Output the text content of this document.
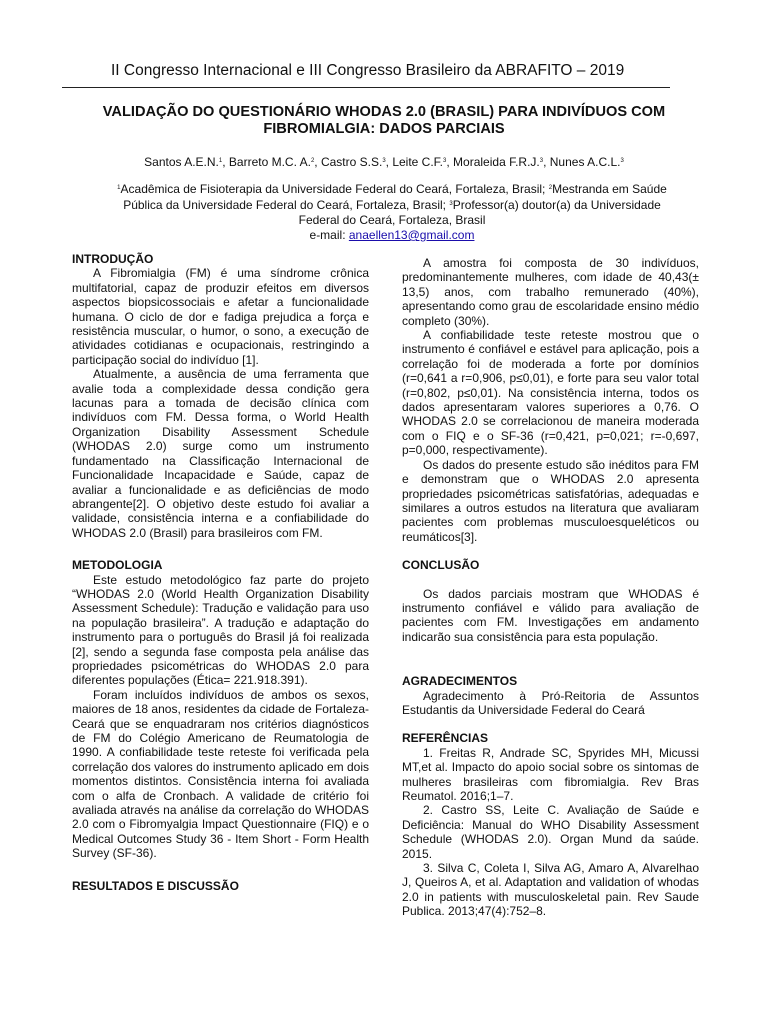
II Congresso Internacional e III Congresso Brasileiro da ABRAFITO – 2019
VALIDAÇÃO DO QUESTIONÁRIO WHODAS 2.0 (BRASIL) PARA INDIVÍDUOS COM FIBROMIALGIA: DADOS PARCIAIS
Santos A.E.N.$^1$, Barreto M.C. A.$^2$, Castro S.S.$^3$, Leite C.F.$^3$, Moraleida F.R.J.$^3$, Nunes A.C.L.$^3$
$^1$Acadêmica de Fisioterapia da Universidade Federal do Ceará, Fortaleza, Brasil; $^2$Mestranda em Saúde Pública da Universidade Federal do Ceará, Fortaleza, Brasil; $^3$Professor(a) doutor(a) da Universidade Federal do Ceará, Fortaleza, Brasil
e-mail: anaellen13@gmail.com
INTRODUÇÃO

A Fibromialgia (FM) é uma síndrome crônica multifatorial, capaz de produzir efeitos em diversos aspectos biopsicossociais e afetar a funcionalidade humana. O ciclo de dor e fadiga prejudica a força e resistência muscular, o humor, o sono, a execução de atividades cotidianas e ocupacionais, restringindo a participação social do indivíduo [1].

Atualmente, a ausência de uma ferramenta que avalie toda a complexidade dessa condição gera lacunas para a tomada de decisão clínica com indivíduos com FM. Dessa forma, o World Health Organization Disability Assessment Schedule (WHODAS 2.0) surge como um instrumento fundamentado na Classificação Internacional de Funcionalidade Incapacidade e Saúde, capaz de avaliar a funcionalidade e as deficiências de modo abrangente[2]. O objetivo deste estudo foi avaliar a validade, consistência interna e a confiabilidade do WHODAS 2.0 (Brasil) para brasileiros com FM.

METODOLOGIA

Este estudo metodológico faz parte do projeto “WHODAS 2.0 (World Health Organization Disability Assessment Schedule): Tradução e validação para uso na população brasileira”. A tradução e adaptação do instrumento para o português do Brasil já foi realizada [2], sendo a segunda fase composta pela análise das propriedades psicométricas do WHODAS 2.0 para diferentes populações (Ética= 221.918.391).

Foram incluídos indivíduos de ambos os sexos, maiores de 18 anos, residentes da cidade de Fortaleza-Ceará que se enquadraram nos critérios diagnósticos de FM do Colégio Americano de Reumatologia de 1990. A confiabilidade teste reteste foi verificada pela correlação dos valores do instrumento aplicado em dois momentos distintos. Consistência interna foi avaliada com o alfa de Cronbach. A validade de critério foi avaliada através na análise da correlação do WHODAS 2.0 com o Fibromyalgia Impact Questionnaire (FIQ) e o Medical Outcomes Study 36 - Item Short - Form Health Survey (SF-36).

RESULTADOS E DISCUSSÃO

A amostra foi composta de 30 indivíduos, predominantemente mulheres, com idade de 40,43(± 13,5) anos, com trabalho remunerado (40%), apresentando como grau de escolaridade ensino médio completo (30%).

A confiabilidade teste reteste mostrou que o instrumento é confiável e estável para aplicação, pois a correlação foi de moderada a forte por domínios (r=0,641 a r=0,906, p≤0,01), e forte para seu valor total (r=0,802, p≤0,01). Na consistência interna, todos os dados apresentaram valores superiores a 0,76. O WHODAS 2.0 se correlacionou de maneira moderada com o FIQ e o SF-36 (r=0,421, p=0,021; r=-0,697, p=0,000, respectivamente).

Os dados do presente estudo são inéditos para FM e demonstram que o WHODAS 2.0 apresenta propriedades psicométricas satisfatórias, adequadas e similares a outros estudos na literatura que avaliaram pacientes com problemas musculoesqueléticos ou reumáticos[3].

CONCLUSÃO

Os dados parciais mostram que WHODAS é instrumento confiável e válido para avaliação de pacientes com FM. Investigações em andamento indicarão sua consistência para esta população.

AGRADECIMENTOS

Agradecimento à Pró-Reitoria de Assuntos Estudantis da Universidade Federal do Ceará

REFERÊNCIAS

1. Freitas R, Andrade SC, Spyrides MH, Micussi MT,et al. Impacto do apoio social sobre os sintomas de mulheres brasileiras com fibromialgia. Rev Bras Reumatol. 2016;1–7.

2. Castro SS, Leite C. Avaliação de Saúde e Deficiência: Manual do WHO Disability Assessment Schedule (WHODAS 2.0). Organ Mund da saúde. 2015.

3. Silva C, Coleta I, Silva AG, Amaro A, Alvarelhao J, Queiros A, et al. Adaptation and validation of whodas 2.0 in patients with musculoskeletal pain. Rev Saude Publica. 2013;47(4):752–8.
